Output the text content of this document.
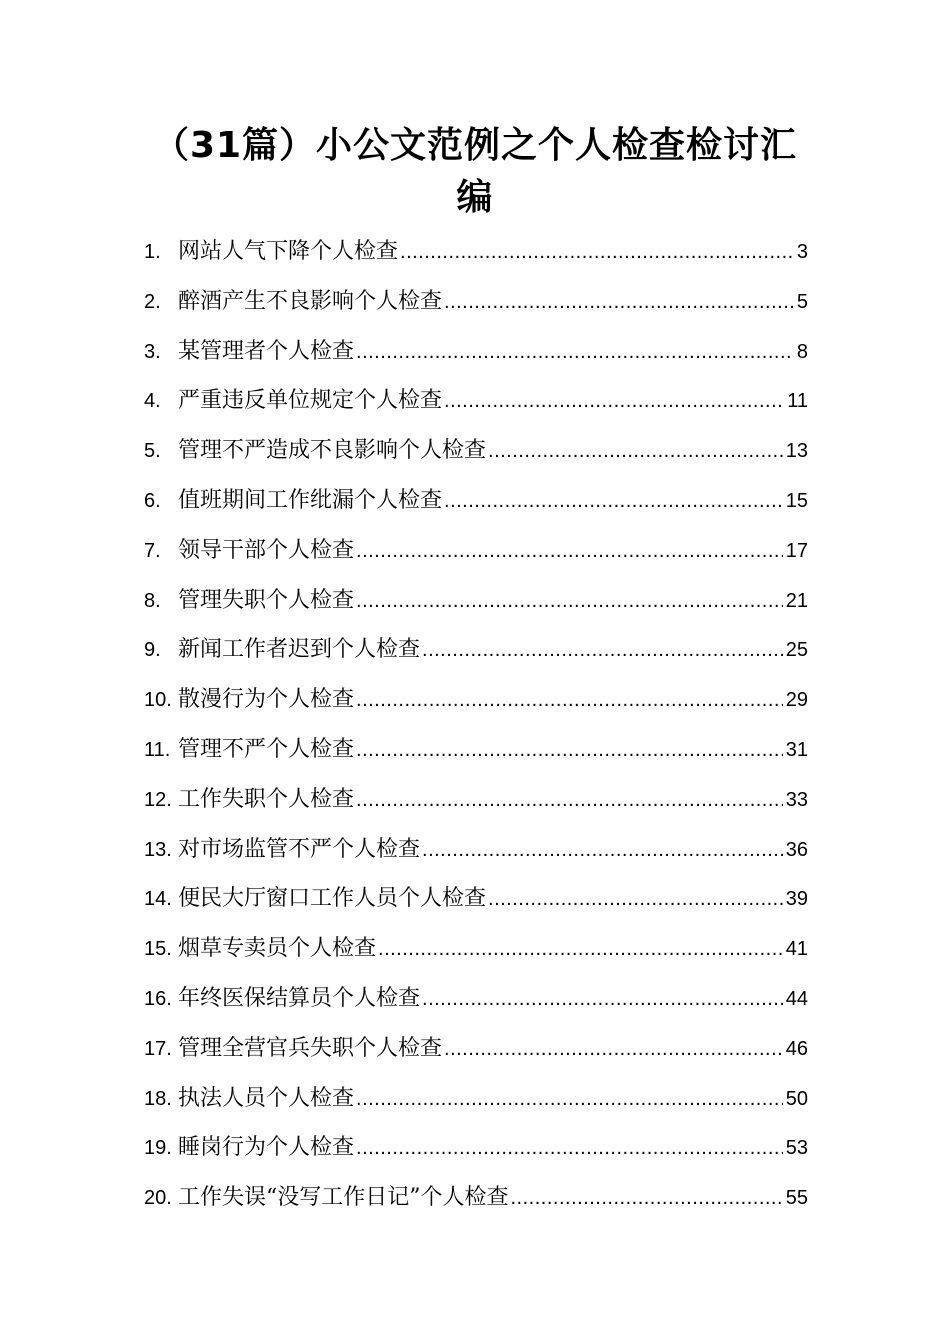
（31篇）小公文范例之个人检查检讨汇编
1. 网站人气下降个人检查 .....	3
2. 醉酒产生不良影响个人检查 .....	5
3. 某管理者个人检查 .....	8
4. 严重违反单位规定个人检查 .....	11
5. 管理不严造成不良影响个人检查 .....	13
6. 值班期间工作纰漏个人检查 .....	15
7. 领导干部个人检查 .....	17
8. 管理失职个人检查 .....	21
9. 新闻工作者迟到个人检查 .....	25
10. 散漫行为个人检查 .....	29
11. 管理不严个人检查 .....	31
12. 工作失职个人检查 .....	33
13. 对市场监管不严个人检查 .....	36
14. 便民大厅窗口工作人员个人检查 .....	39
15. 烟草专卖员个人检查 .....	41
16. 年终医保结算员个人检查 .....	44
17. 管理全营官兵失职个人检查 .....	46
18. 执法人员个人检查 .....	50
19. 睡岗行为个人检查 .....	53
20. 工作失误“没写工作日记”个人检查 .....	55
